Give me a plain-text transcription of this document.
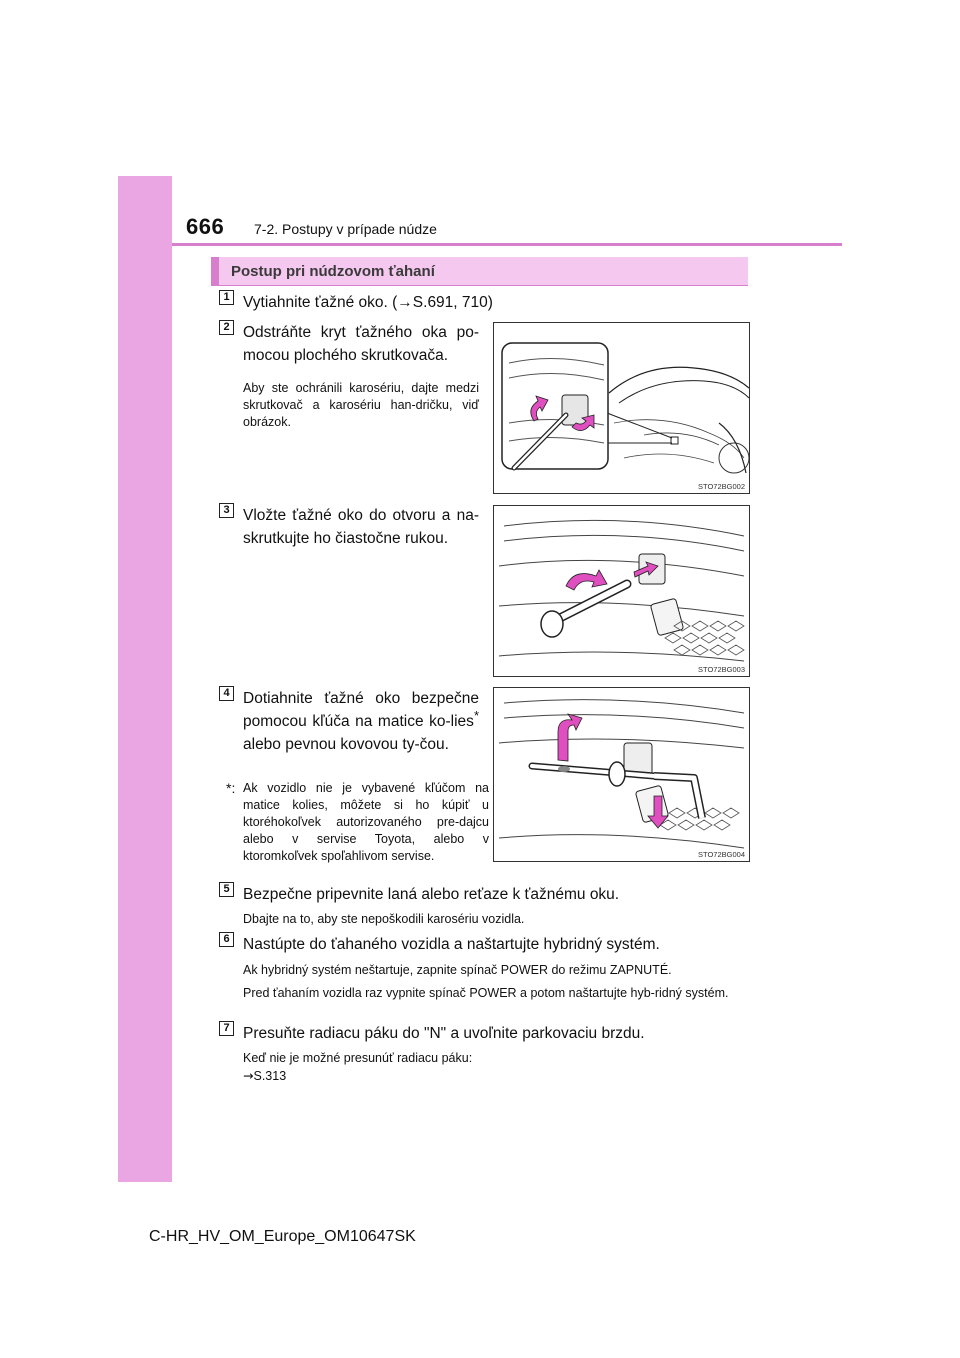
666 7-2. Postupy v prípade núdze
Postup pri núdzovom ťahaní
1 Vytiahnite ťažné oko. (→S.691, 710)
2 Odstráňte kryt ťažného oka po-mocou plochého skrutkovača.
Aby ste ochránili karosériu, dajte medzi skrutkovač a karosériu han-dričku, viď obrázok.
STO72BG002
3 Vložte ťažné oko do otvoru a na-skrutkujte ho čiastočne rukou.
STO72BG003
4 Dotiahnite ťažné oko bezpečne pomocou kľúča na matice ko-lies* alebo pevnou kovovou ty-čou.
*: Ak vozidlo nie je vybavené kľúčom na matice kolies, môžete si ho kúpiť u ktoréhokoľvek autorizovaného pre-dajcu alebo v servise Toyota, alebo v ktoromkoľvek spoľahlivom servise.	STO72BG004
5 Bezpečne pripevnite laná alebo reťaze k ťažnému oku.
Dbajte na to, aby ste nepoškodili karosériu vozidla.
6 Nastúpte do ťahaného vozidla a naštartujte hybridný systém.
Ak hybridný systém neštartuje, zapnite spínač POWER do režimu ZAPNUTÉ.
Pred ťahaním vozidla raz vypnite spínač POWER a potom naštartujte hyb-ridný systém.
7 Presuňte radiacu páku do "N" a uvoľnite parkovaciu brzdu.
Keď nie je možné presunúť radiacu páku:
→S.313
C-HR_HV_OM_Europe_OM10647SK
